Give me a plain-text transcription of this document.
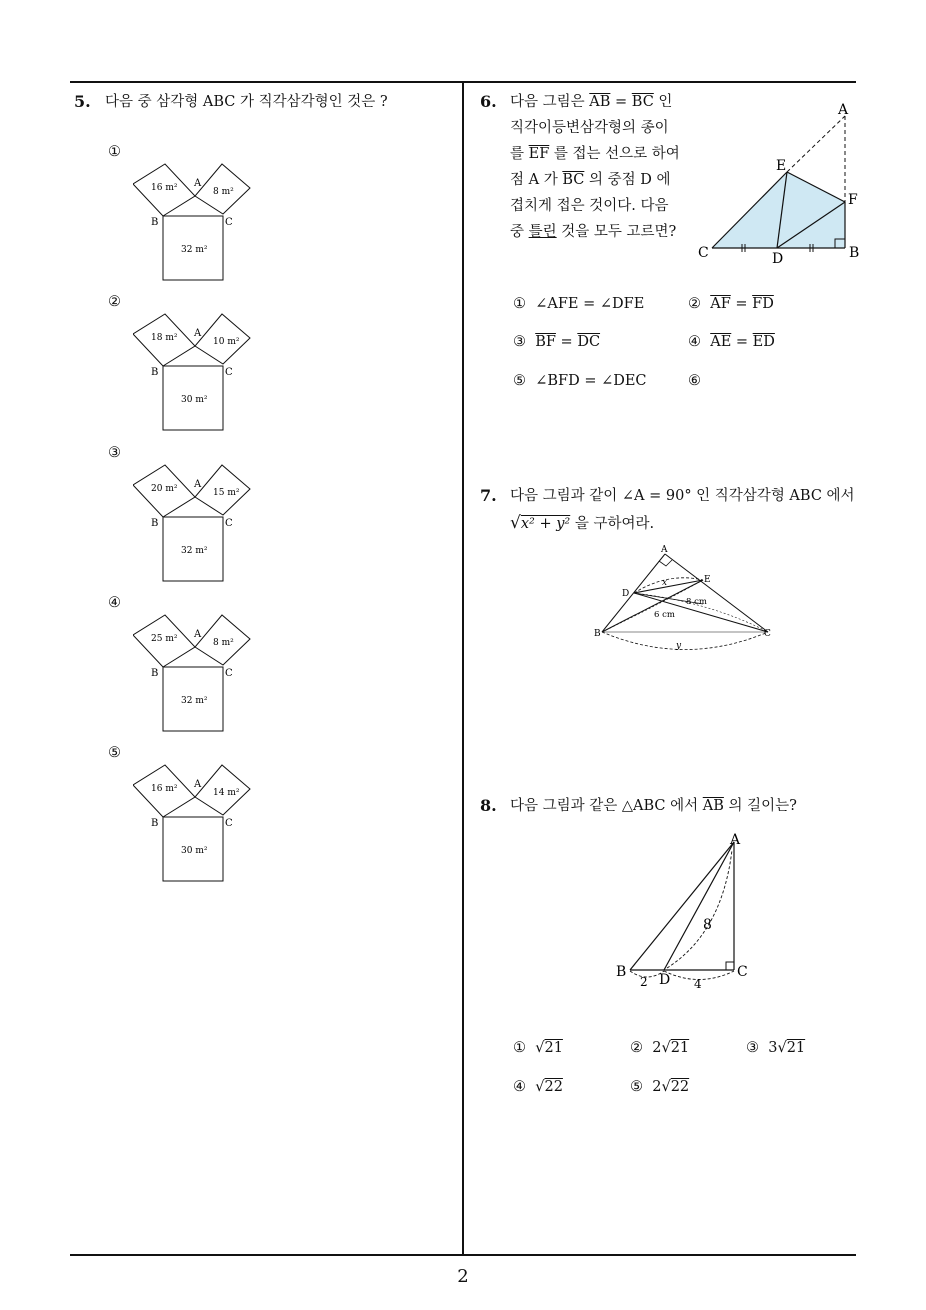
5. 다음 중 삼각형 ABC 가 직각삼각형인 것은 ?
①
16 m²	8 m²
32 m²
A
B	C
②
18 m²	10 m²
30 m²
A
B	C
③
20 m²	15 m²
32 m²
A
B	C
④
25 m²	8 m²
32 m²
A
B	C
⑤
16 m²	14 m²
30 m²
A
B	C
6. 다음 그림은 $\overline{AB} = \overline{BC}$ 인
직각이등변삼각형의 종이
를 $\overline{EF}$ 를 접는 선으로 하여
점 A 가 $\overline{BC}$ 의 중점 D 에
겹치게 접은 것이다. 다음
중 틀린 것을 모두 고르면?
A
E
F
C	D	B
① ∠AFE = ∠DFE	② $\overline{AF} = \overline{FD}$
③ $\overline{BF} = \overline{DC}$	④ $\overline{AE} = \overline{ED}$
⑤ ∠BFD = ∠DEC	⑥
7. 다음 그림과 같이 ∠A = 90° 인 직각삼각형 ABC 에서
√x² + y² 을 구하여라.
A
D
E
B	C
x
y
8 cm
6 cm
8. 다음 그림과 같은 △ABC 에서 $\overline{AB}$ 의 길이는?
A
B D	C
8
2	4
① √21	② 2√21	③ 3√21
④ √22	⑤ 2√22
2
